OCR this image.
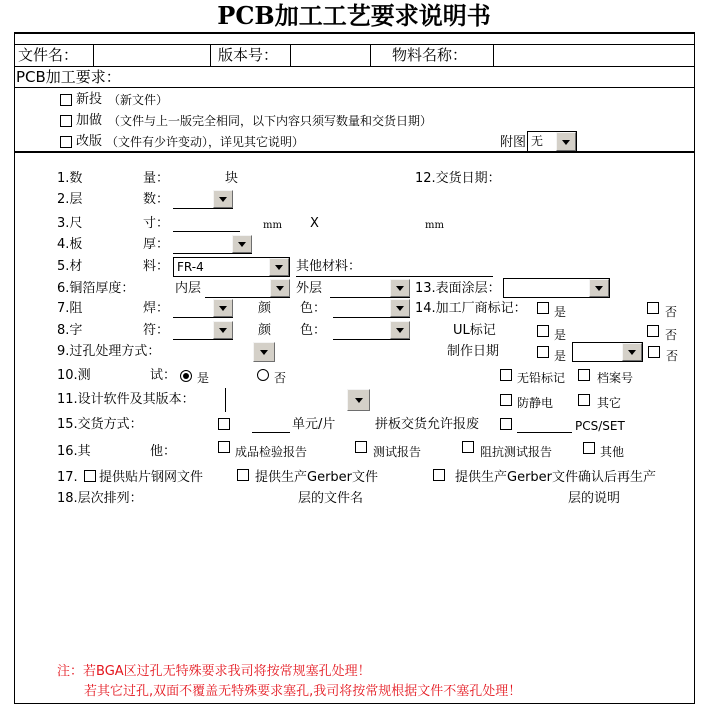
PCB加工工艺要求说明书
文件名：	版本号：	物料名称：
PCB加工要求：
新投 （新文件）
加做 （文件与上一版完全相同，以下内容只须写数量和交货日期）
改版 （文件有少许变动），详见其它说明）	附图 无
1.数	量：	块	12.交货日期：
2.层	数：
3.尺	寸：	mm X	mm
4.板	厚：
5.材	料： FR-4	其他材料：
6.铜箔厚度：	内层	外层	13.表面涂层：
7.阻	焊：	颜 色：	14.加工厂商标记： 是	否
8.字	符：	颜 色：	UL标记	是	否
9.过孔处理方式：	制作日期	是	否
10.测	试： 是	否	无铅标记	档案号
11.设计软件及其版本：	防静电	其它
15.交货方式：	单元/片	拼板交货允许报废	PCS/SET
16.其	他：	成品检验报告	测试报告	阻抗测试报告	其他
17. 提供贴片钢网文件	提供生产Gerber文件	提供生产Gerber文件确认后再生产
18.层次排列：	层的文件名	层的说明
注：若BGA区过孔无特殊要求我司将按常规塞孔处理！
若其它过孔,双面不覆盖无特殊要求塞孔,我司将按常规根据文件不塞孔处理！
